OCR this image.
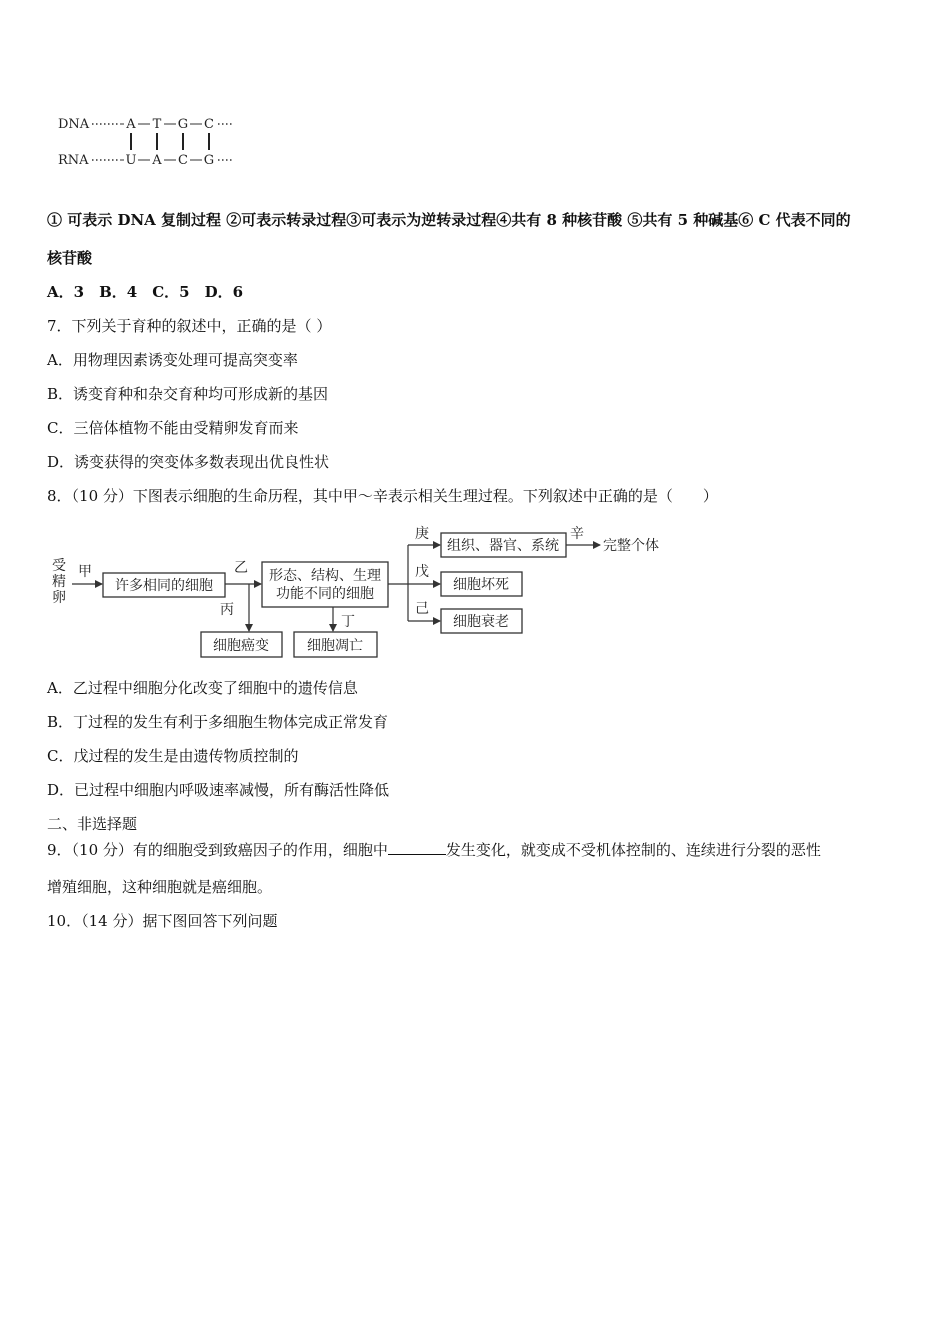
DNA
RNA
A
U
T
A
G
C
C
G
① 可表示 DNA 复制过程 ②可表示转录过程③可表示为逆转录过程④共有 8 种核苷酸 ⑤共有 5 种碱基⑥ C 代表不同的
核苷酸
A．3　B．4　C．5　D．6
7．下列关于育种的叙述中，正确的是（ ）
A．用物理因素诱变处理可提高突变率
B．诱变育种和杂交育种均可形成新的基因
C．三倍体植物不能由受精卵发育而来
D．诱变获得的突变体多数表现出优良性状
8．（10 分）下图表示细胞的生命历程，其中甲～辛表示相关生理过程。下列叙述中正确的是（　　）
受
精
卵
甲
许多相同的细胞
乙
丙
细胞癌变
形态、结构、生理
功能不同的细胞
丁
细胞凋亡
庚
组织、器官、系统
辛
完整个体
戊
细胞坏死
己
细胞衰老
A．乙过程中细胞分化改变了细胞中的遗传信息
B．丁过程的发生有利于多细胞生物体完成正常发育
C．戊过程的发生是由遗传物质控制的
D．已过程中细胞内呼吸速率减慢，所有酶活性降低
二、非选择题
9．（10 分）有的细胞受到致癌因子的作用，细胞中	发生变化，就变成不受机体控制的、连续进行分裂的恶性
增殖细胞，这种细胞就是癌细胞。
10．（14 分）据下图回答下列问题
